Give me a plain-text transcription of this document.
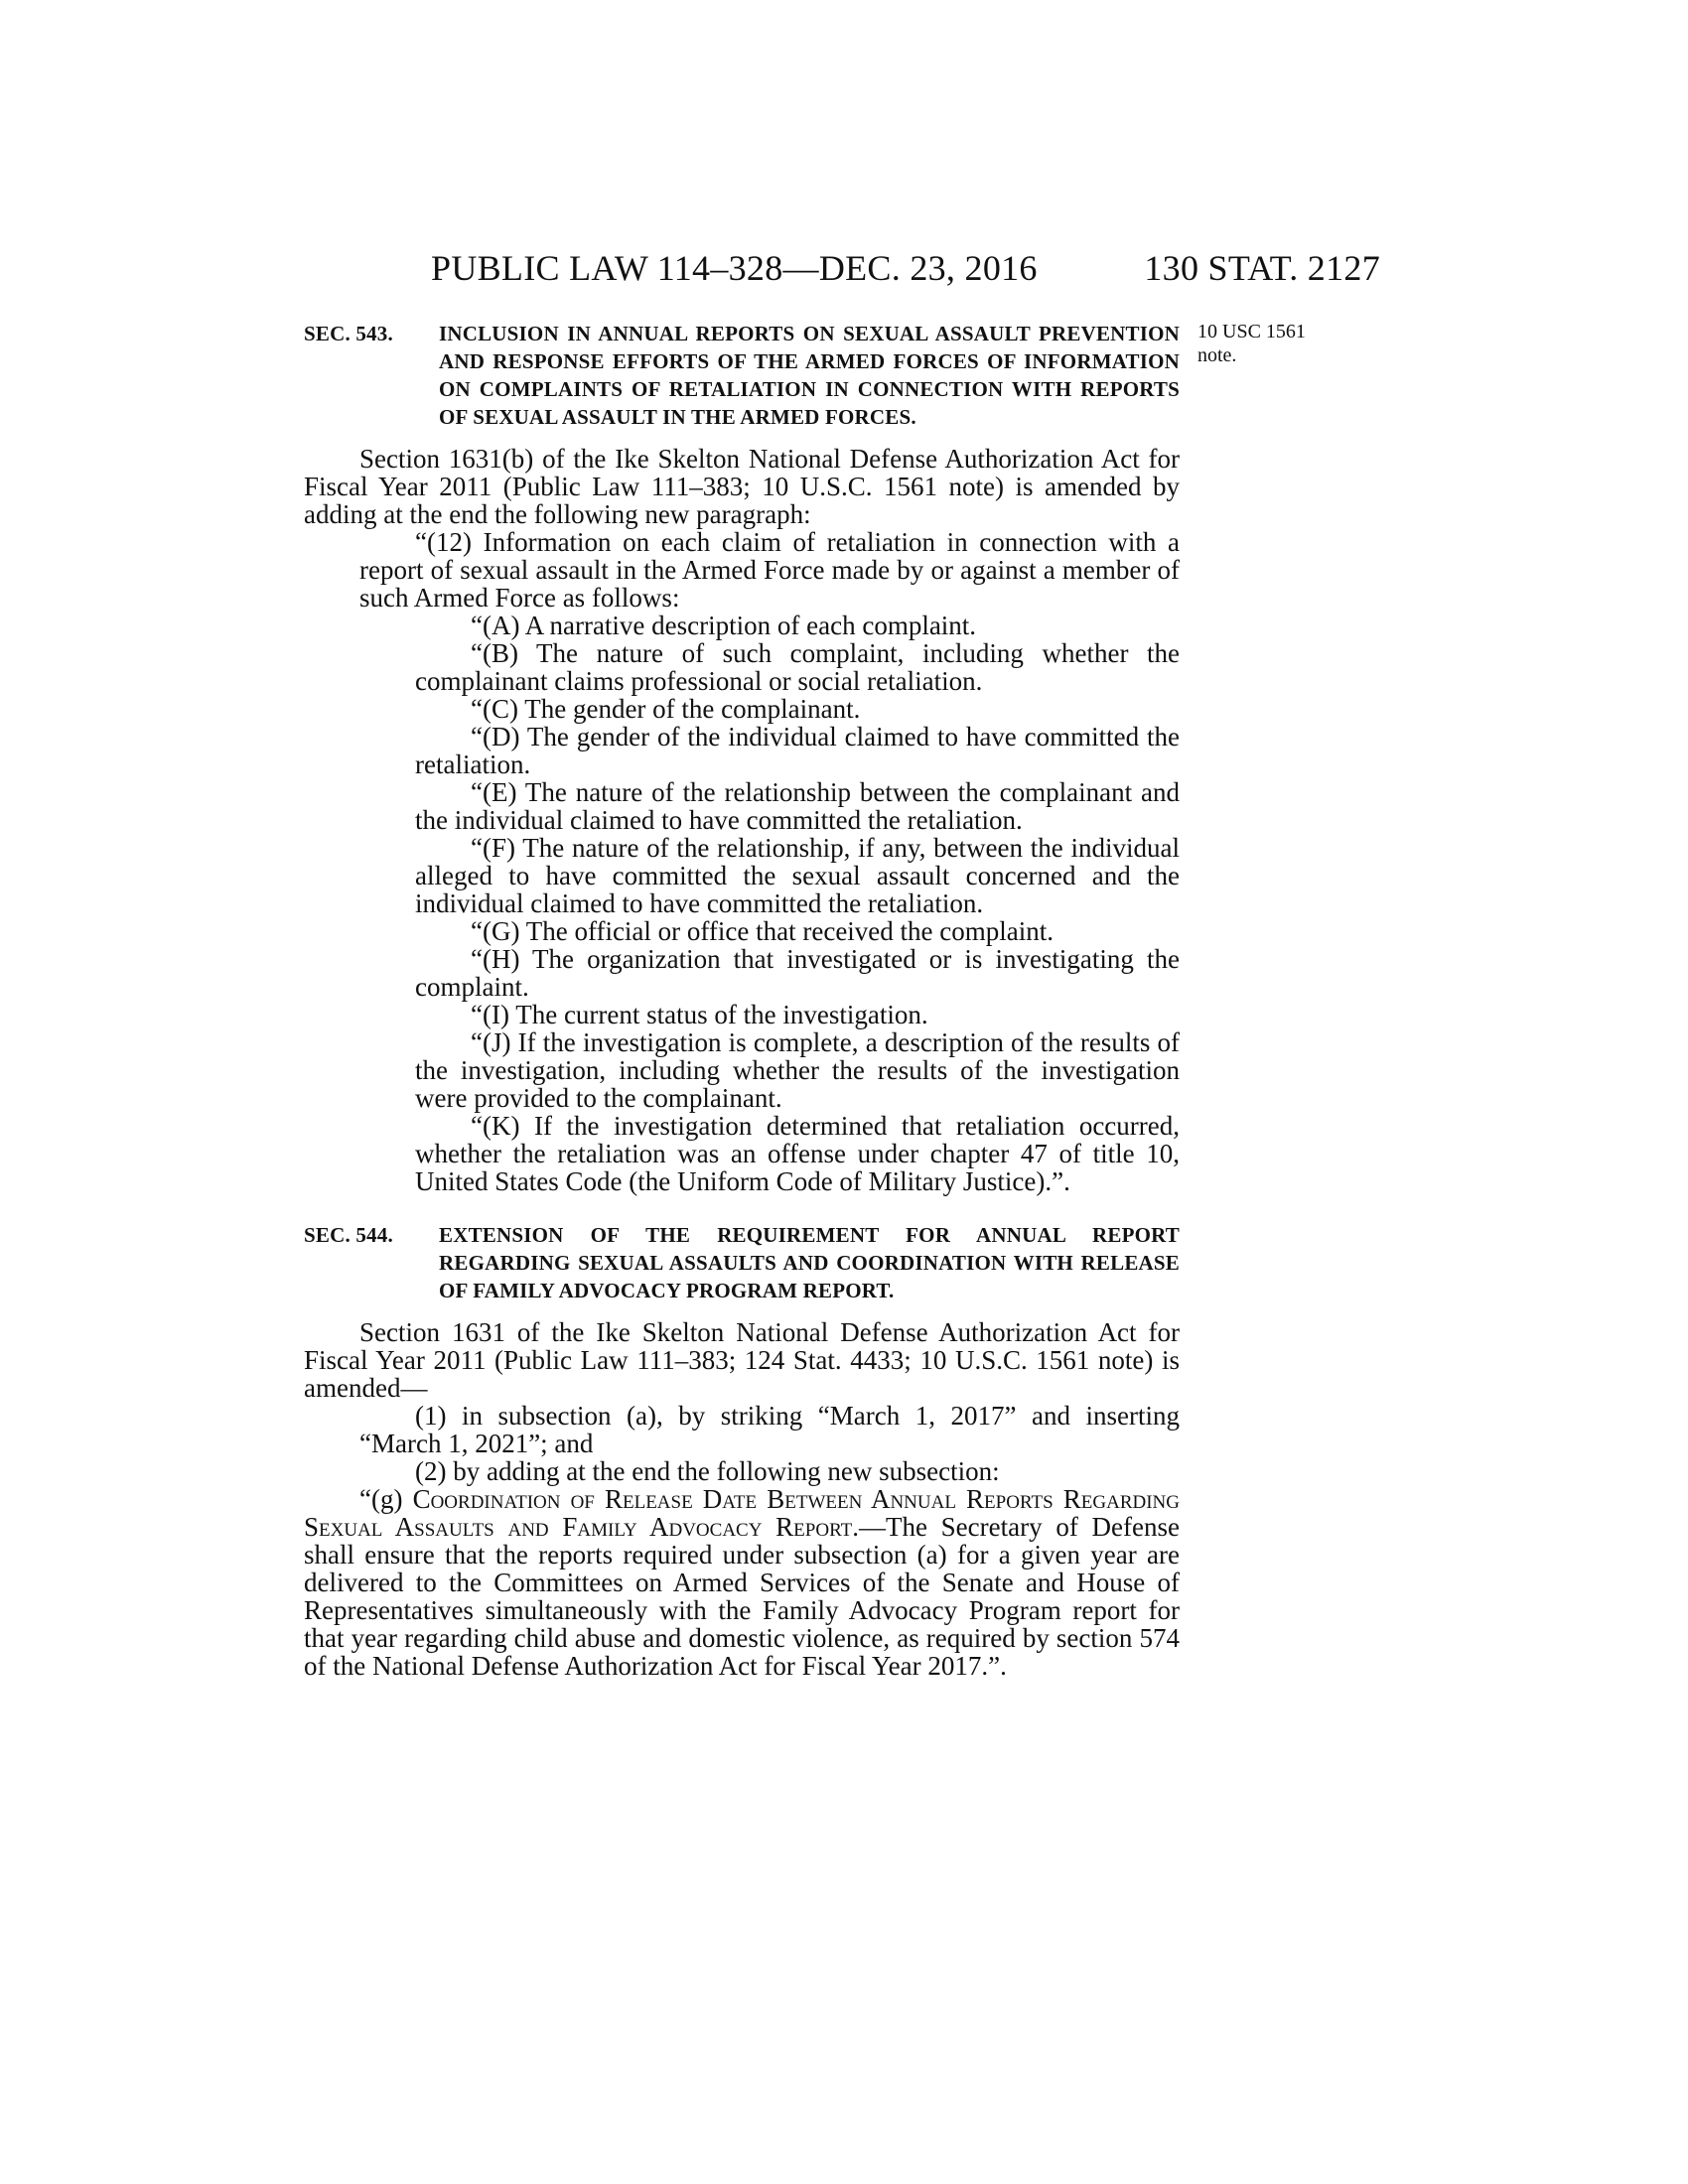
PUBLIC LAW 114–328—DEC. 23, 2016	130 STAT. 2127
10 USC 1561
note.
SEC. 543.	INCLUSION IN ANNUAL REPORTS ON SEXUAL ASSAULT PREVENTION AND RESPONSE EFFORTS OF THE ARMED FORCES OF INFORMATION ON COMPLAINTS OF RETALIATION IN CONNECTION WITH REPORTS OF SEXUAL ASSAULT IN THE ARMED FORCES.
Section 1631(b) of the Ike Skelton National Defense Authorization Act for Fiscal Year 2011 (Public Law 111–383; 10 U.S.C. 1561 note) is amended by adding at the end the following new paragraph:
“(12) Information on each claim of retaliation in connection with a report of sexual assault in the Armed Force made by or against a member of such Armed Force as follows:
“(A) A narrative description of each complaint.
“(B) The nature of such complaint, including whether the complainant claims professional or social retaliation.
“(C) The gender of the complainant.
“(D) The gender of the individual claimed to have committed the retaliation.
“(E) The nature of the relationship between the complainant and the individual claimed to have committed the retaliation.
“(F) The nature of the relationship, if any, between the individual alleged to have committed the sexual assault concerned and the individual claimed to have committed the retaliation.
“(G) The official or office that received the complaint.
“(H) The organization that investigated or is investigating the complaint.
“(I) The current status of the investigation.
“(J) If the investigation is complete, a description of the results of the investigation, including whether the results of the investigation were provided to the complainant.
“(K) If the investigation determined that retaliation occurred, whether the retaliation was an offense under chapter 47 of title 10, United States Code (the Uniform Code of Military Justice).”.
SEC. 544.	EXTENSION OF THE REQUIREMENT FOR ANNUAL REPORT REGARDING SEXUAL ASSAULTS AND COORDINATION WITH RELEASE OF FAMILY ADVOCACY PROGRAM REPORT.
Section 1631 of the Ike Skelton National Defense Authorization Act for Fiscal Year 2011 (Public Law 111–383; 124 Stat. 4433; 10 U.S.C. 1561 note) is amended—
(1) in subsection (a), by striking “March 1, 2017” and inserting “March 1, 2021”; and
(2) by adding at the end the following new subsection:
“(g) Coordination of Release Date Between Annual Reports Regarding Sexual Assaults and Family Advocacy Report.—The Secretary of Defense shall ensure that the reports required under subsection (a) for a given year are delivered to the Committees on Armed Services of the Senate and House of Representatives simultaneously with the Family Advocacy Program report for that year regarding child abuse and domestic violence, as required by section 574 of the National Defense Authorization Act for Fiscal Year 2017.”.
